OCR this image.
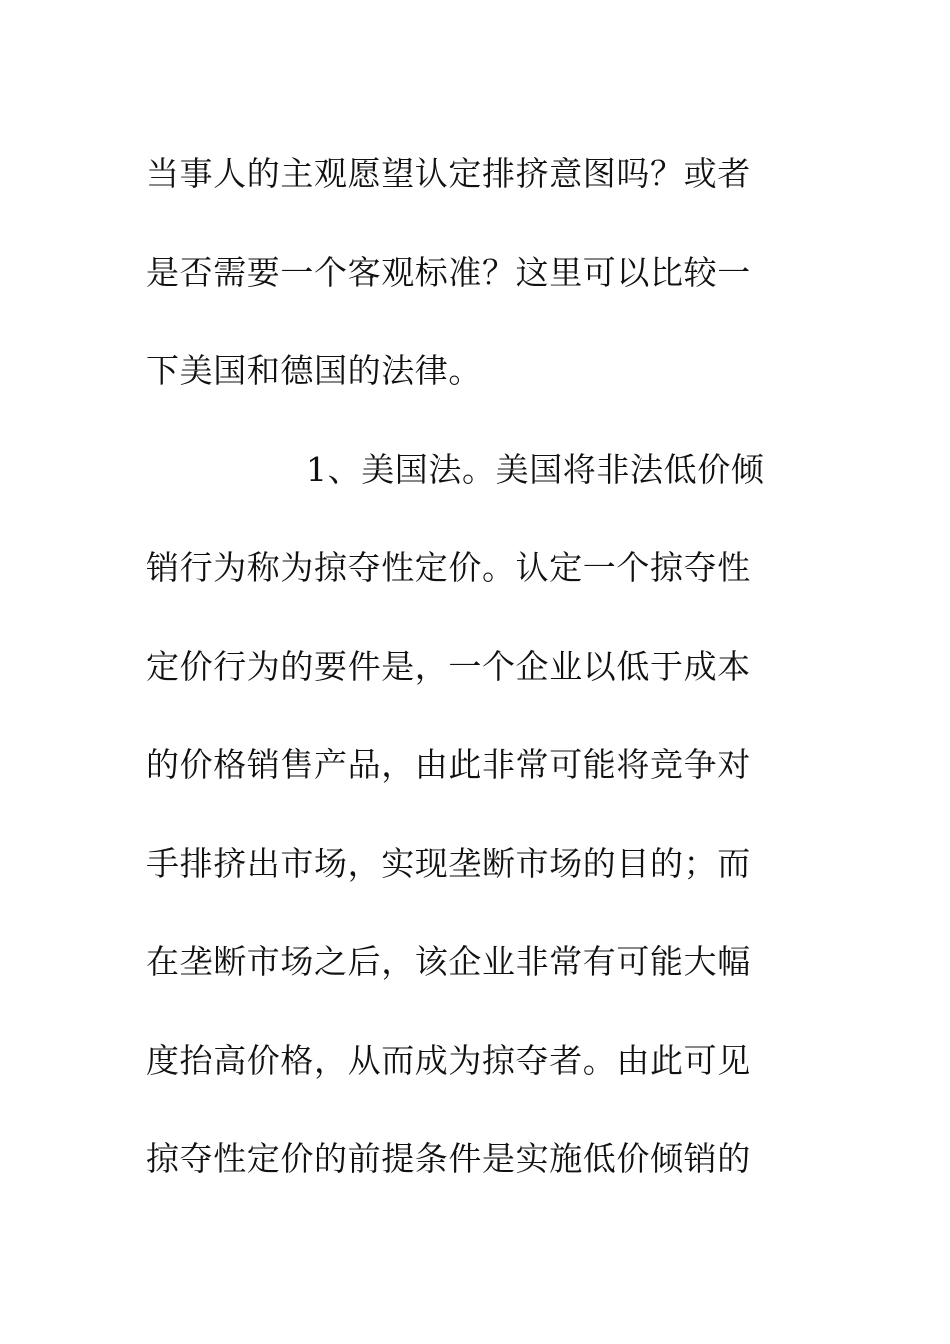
当事人的主观愿望认定排挤意图吗？或者
是否需要一个客观标准？这里可以比较一
下美国和德国的法律。
1、美国法。美国将非法低价倾
销行为称为掠夺性定价。认定一个掠夺性
定价行为的要件是，一个企业以低于成本
的价格销售产品，由此非常可能将竞争对
手排挤出市场，实现垄断市场的目的；而
在垄断市场之后，该企业非常有可能大幅
度抬高价格，从而成为掠夺者。由此可见
掠夺性定价的前提条件是实施低价倾销的
